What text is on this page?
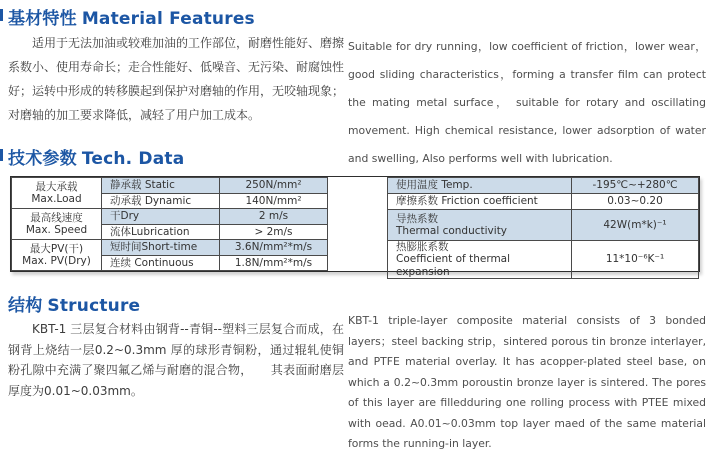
基材特性 Material Features

适用于无法加油或较难加油的工作部位，耐磨性能好、磨擦系数小、使用寿命长；走合性能好、低噪音、无污染、耐腐蚀性好；运转中形成的转移膜起到保护对磨轴的作用，无咬轴现象；对磨轴的加工要求降低，减轻了用户加工成本。

Suitable for dry running，low coefficient of friction，lower wear，good sliding characteristics，forming a transfer film can protect the mating metal surface， suitable for rotary and oscillating movement. High chemical resistance, lower adsorption of water and swelling, Also performs well with lubrication.

技术参数 Tech. Data
最大承载
Max.Load	静承载 Static	250N/mm²
	动承载 Dynamic	140N/mm²

最高线速度
Max. Speed	干Dry	2 m/s
	流体Lubrication	> 2m/s

最大PV(干)
Max. PV(Dry)	短时间Short-time	3.6N/mm²*m/s
	连续 Continuous	1.8N/mm²*m/s
使用温度 Temp.	-195℃~+280℃
摩擦系数 Friction coefficient	0.03~0.20

导热系数
Thermal conductivity	42W(m*k)⁻¹

热膨胀系数
Coefficient of thermal expansion	11*10⁻⁶K⁻¹
结构 Structure

KBT-1 三层复合材料由钢背--青铜--塑料三层复合而成，在钢背上烧结一层0.2~0.3mm 厚的球形青铜粉，通过辊轧使铜粉孔隙中充满了聚四氟乙烯与耐磨的混合物，　　其表面耐磨层厚度为0.01~0.03mm。

KBT-1 triple-layer composite material consists of 3 bonded layers；steel backing strip，sintered porous tin bronze interlayer, and PTFE material overlay. It has acopper-plated steel base, on which a 0.2~0.3mm poroustin bronze layer is sintered. The pores of this layer are filledduring one rolling process with PTEE mixed with oead. A0.01~0.03mm top layer maed of the same material forms the running-in layer.
